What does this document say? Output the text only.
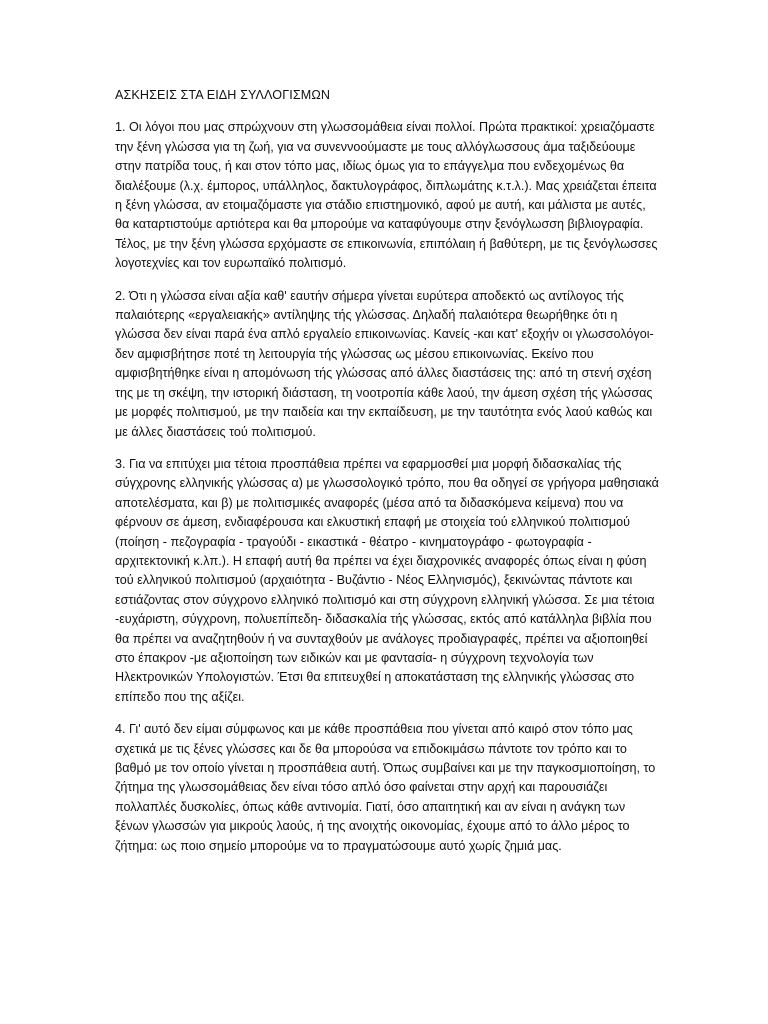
ΑΣΚΗΣΕΙΣ ΣΤΑ ΕΙΔΗ ΣΥΛΛΟΓΙΣΜΩΝ

1. Οι λόγοι που μας σπρώχνουν στη γλωσσομάθεια είναι πολλοί. Πρώτα πρακτικοί: χρειαζόμαστε την ξένη γλώσσα για τη ζωή, για να συνεννοούμαστε με τους αλλόγλωσσους άμα ταξιδεύουμε στην πατρίδα τους, ή και στον τόπο μας, ιδίως όμως για το επάγγελμα που ενδεχομένως θα διαλέξουμε (λ.χ. έμπορος, υπάλληλος, δακτυλογράφος, διπλωμάτης κ.τ.λ.). Μας χρειάζεται έπειτα η ξένη γλώσσα, αν ετοιμαζόμαστε για στάδιο επιστημονικό, αφού με αυτή, και μάλιστα με αυτές, θα καταρτιστούμε αρτιότερα και θα μπορούμε να καταφύγουμε στην ξενόγλωσση βιβλιογραφία. Τέλος, με την ξένη γλώσσα ερχόμαστε σε επικοινωνία, επιπόλαιη ή βαθύτερη, με τις ξενόγλωσσες λογοτεχνίες και τον ευρωπαϊκό πολιτισμό.

2. Ότι η γλώσσα είναι αξία καθ' εαυτήν σήμερα γίνεται ευρύτερα αποδεκτό ως αντίλογος τής παλαιότερης «εργαλειακής» αντίληψης τής γλώσσας. Δηλαδή παλαιότερα θεωρήθηκε ότι η γλώσσα δεν είναι παρά ένα απλό εργαλείο επικοινωνίας. Κανείς -και κατ' εξοχήν οι γλωσσολόγοι- δεν αμφισβήτησε ποτέ τη λειτουργία τής γλώσσας ως μέσου επικοινωνίας. Εκείνο που αμφισβητήθηκε είναι η απομόνωση τής γλώσσας από άλλες διαστάσεις της: από τη στενή σχέση της με τη σκέψη, την ιστορική διάσταση, τη νοοτροπία κάθε λαού, την άμεση σχέση τής γλώσσας με μορφές πολιτισμού, με την παιδεία και την εκπαίδευση, με την ταυτότητα ενός λαού καθώς και με άλλες διαστάσεις τού πολιτισμού.

3. Για να επιτύχει μια τέτοια προσπάθεια πρέπει να εφαρμοσθεί μια μορφή διδασκαλίας τής σύγχρονης ελληνικής γλώσσας α) με γλωσσολογικό τρόπο, που θα οδηγεί σε γρήγορα μαθησιακά αποτελέσματα, και β) με πολιτισμικές αναφορές (μέσα από τα διδασκόμενα κείμενα) που να φέρνουν σε άμεση, ενδιαφέρουσα και ελκυστική επαφή με στοιχεία τού ελληνικού πολιτισμού (ποίηση - πεζογραφία - τραγούδι - εικαστικά - θέατρο - κινηματογράφο - φωτογραφία - αρχιτεκτονική κ.λπ.). Η επαφή αυτή θα πρέπει να έχει διαχρονικές αναφορές όπως είναι η φύση τού ελληνικού πολιτισμού (αρχαιότητα - Βυζάντιο - Νέος Ελληνισμός), ξεκινώντας πάντοτε και εστιάζοντας στον σύγχρονο ελληνικό πολιτισμό και στη σύγχρονη ελληνική γλώσσα. Σε μια τέτοια -ευχάριστη, σύγχρονη, πολυεπίπεδη- διδασκαλία τής γλώσσας, εκτός από κατάλληλα βιβλία που θα πρέπει να αναζητηθούν ή να συνταχθούν με ανάλογες προδιαγραφές, πρέπει να αξιοποιηθεί στο έπακρον -με αξιοποίηση των ειδικών και με φαντασία- η σύγχρονη τεχνολογία των Ηλεκτρονικών Υπολογιστών. Έτσι θα επιτευχθεί η αποκατάσταση της ελληνικής γλώσσας στο επίπεδο που της αξίζει.

4. Γι' αυτό δεν είμαι σύμφωνος και με κάθε προσπάθεια που γίνεται από καιρό στον τόπο μας σχετικά με τις ξένες γλώσσες και δε θα μπορούσα να επιδοκιμάσω πάντοτε τον τρόπο και το βαθμό με τον οποίο γίνεται η προσπάθεια αυτή. Όπως συμβαίνει και με την παγκοσμιοποίηση, το ζήτημα της γλωσσομάθειας δεν είναι τόσο απλό όσο φαίνεται στην αρχή και παρουσιάζει πολλαπλές δυσκολίες, όπως κάθε αντινομία. Γιατί, όσο απαιτητική και αν είναι η ανάγκη των ξένων γλωσσών για μικρούς λαούς, ή της ανοιχτής οικονομίας, έχουμε από το άλλο μέρος το ζήτημα: ως ποιο σημείο μπορούμε να το πραγματώσουμε αυτό χωρίς ζημιά μας.
